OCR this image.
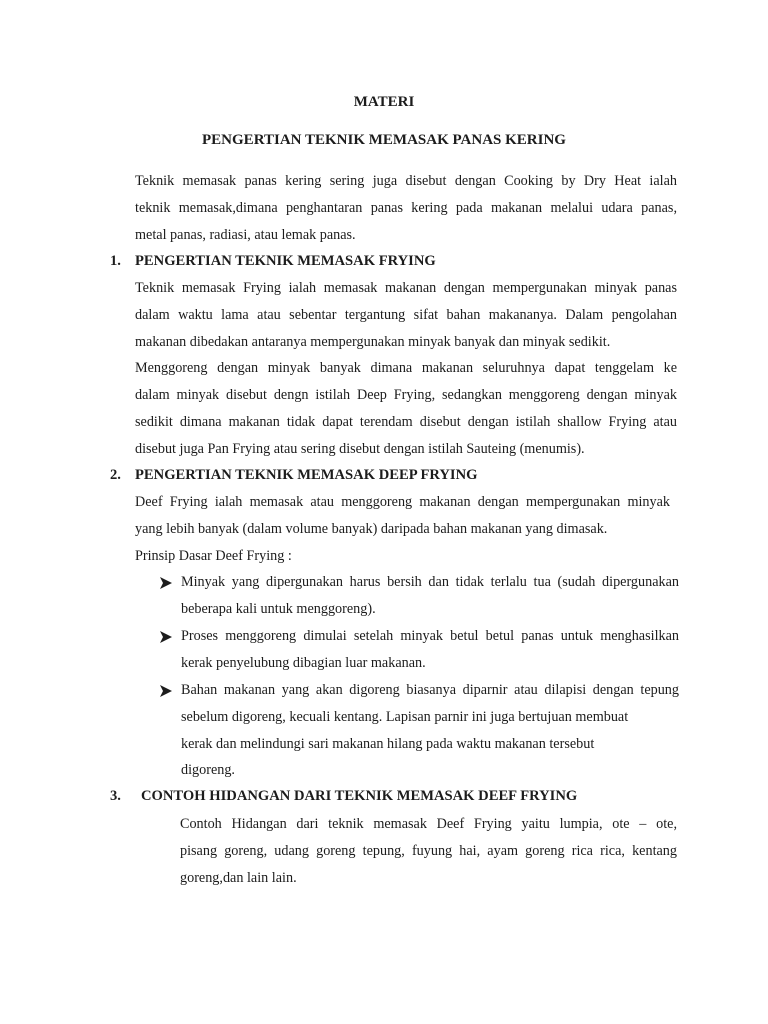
MATERI
PENGERTIAN TEKNIK MEMASAK PANAS KERING
Teknik memasak panas kering sering juga disebut dengan Cooking by Dry Heat ialah
teknik memasak,dimana penghantaran panas kering pada makanan melalui udara panas,
metal panas, radiasi, atau lemak panas.
1. PENGERTIAN TEKNIK MEMASAK FRYING
Teknik memasak Frying ialah memasak makanan dengan mempergunakan minyak panas
dalam waktu lama atau sebentar tergantung sifat bahan makananya. Dalam pengolahan
makanan dibedakan antaranya mempergunakan minyak banyak dan minyak sedikit.
Menggoreng dengan minyak banyak dimana makanan seluruhnya dapat tenggelam ke
dalam minyak disebut dengn istilah Deep Frying, sedangkan menggoreng dengan minyak
sedikit dimana makanan tidak dapat terendam disebut dengan istilah shallow Frying atau
disebut juga Pan Frying atau sering disebut dengan istilah Sauteing (menumis).
2. PENGERTIAN TEKNIK MEMASAK DEEP FRYING
Deef Frying ialah memasak atau menggoreng makanan dengan mempergunakan minyak
yang lebih banyak (dalam volume banyak) daripada bahan makanan yang dimasak.
Prinsip Dasar Deef Frying :
Minyak yang dipergunakan harus bersih dan tidak terlalu tua (sudah dipergunakan
beberapa kali untuk menggoreng).
Proses menggoreng dimulai setelah minyak betul betul panas untuk menghasilkan
kerak penyelubung dibagian luar makanan.
Bahan makanan yang akan digoreng biasanya diparnir atau dilapisi dengan tepung
sebelum digoreng, kecuali kentang. Lapisan parnir ini juga bertujuan membuat
kerak dan melindungi sari makanan hilang pada waktu makanan tersebut
digoreng.
3. CONTOH HIDANGAN DARI TEKNIK MEMASAK DEEF FRYING
Contoh Hidangan dari teknik memasak Deef Frying yaitu lumpia, ote – ote,
pisang goreng, udang goreng tepung, fuyung hai, ayam goreng rica rica, kentang
goreng,dan lain lain.
